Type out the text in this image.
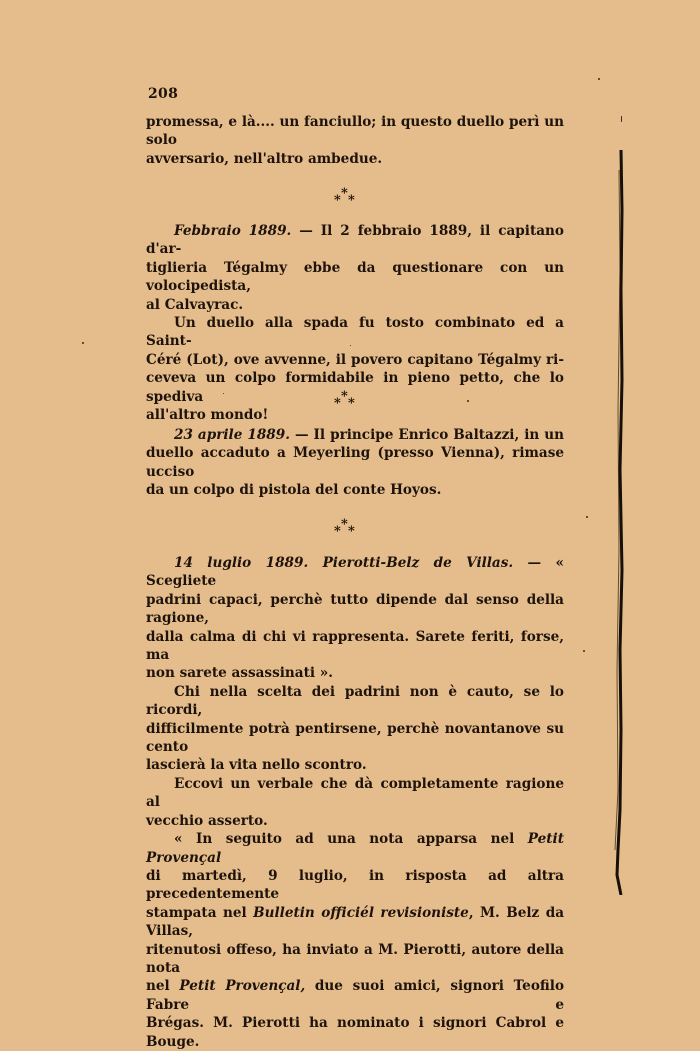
208

promessa, e là.... un fanciullo; in questo duello perì un solo
avversario, nell'altro ambedue.

*
* *

Febbraio 1889. — Il 2 febbraio 1889, il capitano d'ar-
tiglieria Tégalmy ebbe da questionare con un volocipedista,
al Calvayrac.

Un duello alla spada fu tosto combinato ed a Saint-
Céré (Lot), ove avvenne, il povero capitano Tégalmy ri-
ceveva un colpo formidabile in pieno petto, che lo spediva
all'altro mondo!

*
* *

23 aprile 1889. — Il principe Enrico Baltazzi, in un
duello accaduto a Meyerling (presso Vienna), rimase ucciso
da un colpo di pistola del conte Hoyos.

*
* *

14 luglio 1889. Pierotti-Belz de Villas. — « Scegliete
padrini capaci, perchè tutto dipende dal senso della ragione,
dalla calma di chi vi rappresenta. Sarete feriti, forse, ma
non sarete assassinati ».

Chi nella scelta dei padrini non è cauto, se lo ricordi,
difficilmente potrà pentirsene, perchè novantanove su cento
lascierà la vita nello scontro.

Eccovi un verbale che dà completamente ragione al
vecchio asserto.

« In seguito ad una nota apparsa nel Petit Provençal
di martedì, 9 luglio, in risposta ad altra precedentemente
stampata nel Bulletin officiél revisioniste, M. Belz da Villas,
ritenutosi offeso, ha inviato a M. Pierotti, autore della nota
nel Petit Provençal, due suoi amici, signori Teofilo Fabre e
Brégas. M. Pierotti ha nominato i signori Cabrol e Bouge.
